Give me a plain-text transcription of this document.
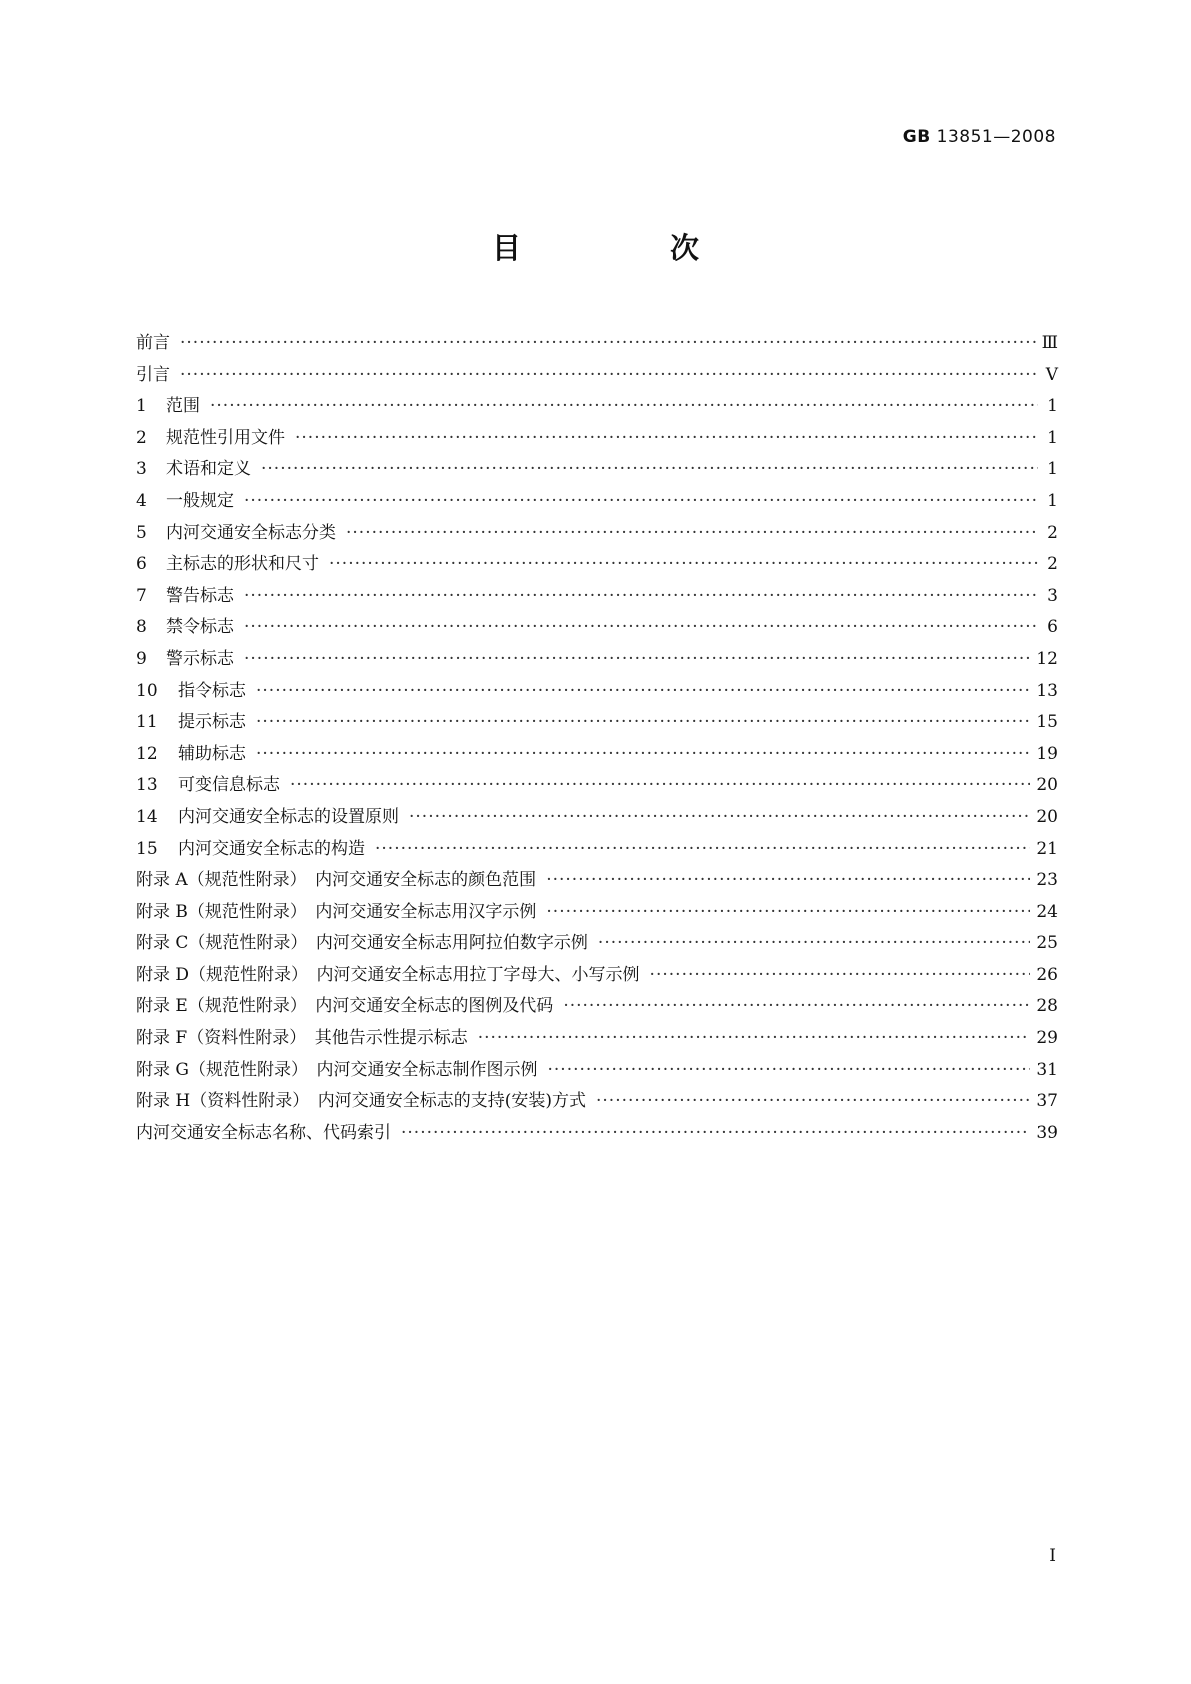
GB 13851—2008
目　次
前言 ·····	Ⅲ
引言 ·····	V
1 范围 ·····	1
2 规范性引用文件 ·····	1
3 术语和定义 ·····	1
4 一般规定 ·····	1
5 内河交通安全标志分类 ·····	2
6 主标志的形状和尺寸 ·····	2
7 警告标志 ·····	3
8 禁令标志 ·····	6
9 警示标志 ·····	12
10 指令标志 ·····	13
11 提示标志 ·····	15
12 辅助标志 ·····	19
13 可变信息标志 ·····	20
14 内河交通安全标志的设置原则 ·····	20
15 内河交通安全标志的构造 ·····	21
附录 A（规范性附录）　内河交通安全标志的颜色范围 ·····	23
附录 B（规范性附录）　内河交通安全标志用汉字示例 ·····	24
附录 C（规范性附录）　内河交通安全标志用阿拉伯数字示例 ·····	25
附录 D（规范性附录）　内河交通安全标志用拉丁字母大、小写示例 ·····	26
附录 E（规范性附录）　内河交通安全标志的图例及代码 ·····	28
附录 F（资料性附录）　其他告示性提示标志 ·····	29
附录 G（规范性附录）　内河交通安全标志制作图示例 ·····	31
附录 H（资料性附录）　内河交通安全标志的支持(安装)方式 ·····	37
内河交通安全标志名称、代码索引 ·····	39
I
